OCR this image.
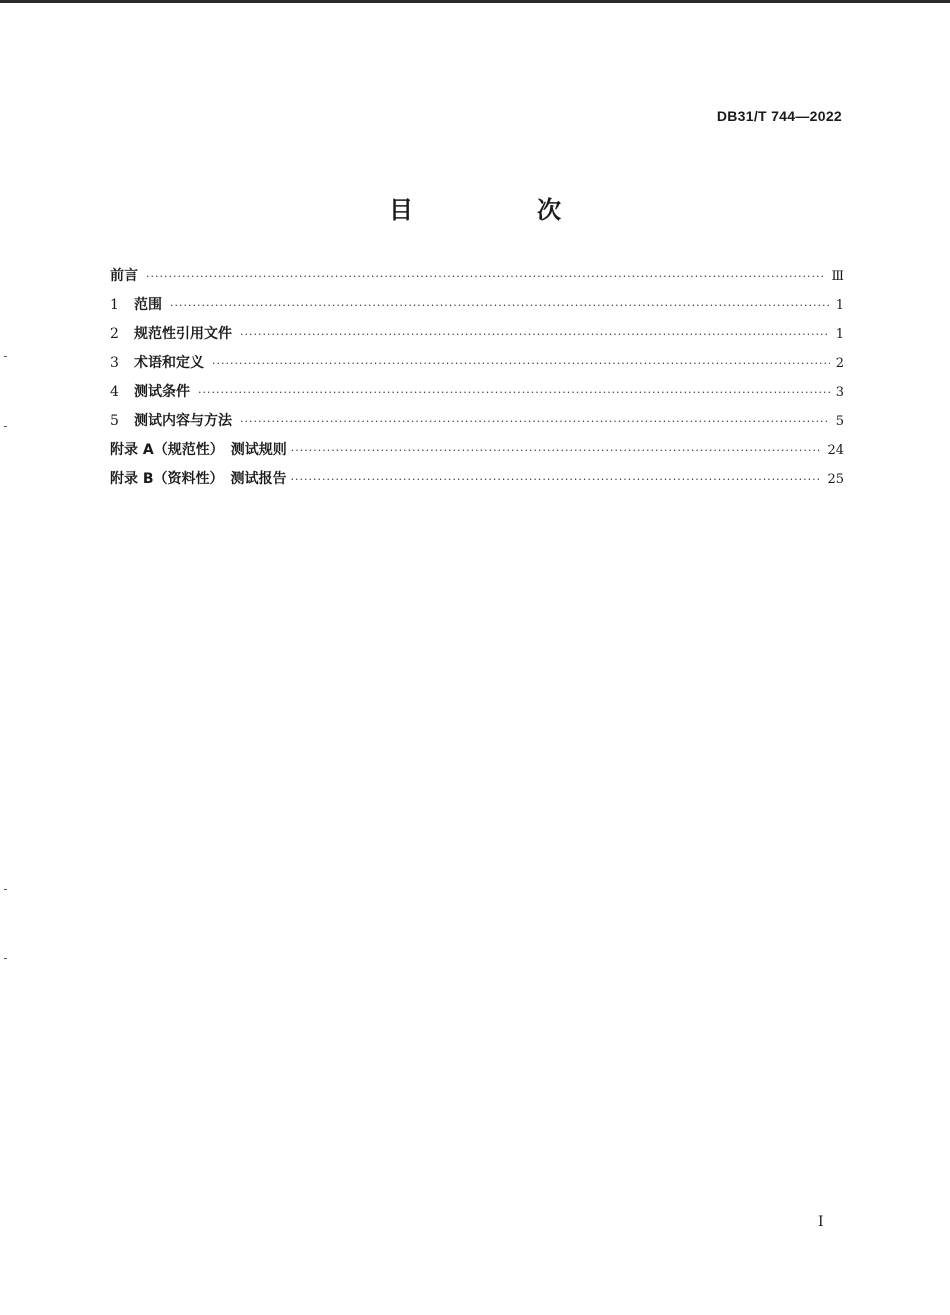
DB31/T 744—2022
目　次
前言 ·····	Ⅲ
1	范围 ·····	1
2	规范性引用文件 ·····	1
3	术语和定义 ·····	2
4	测试条件 ·····	3
5	测试内容与方法 ·····	5
附录 A（规范性）　测试规则 ·····	24
附录 B（资料性）　测试报告 ·····	25
I
